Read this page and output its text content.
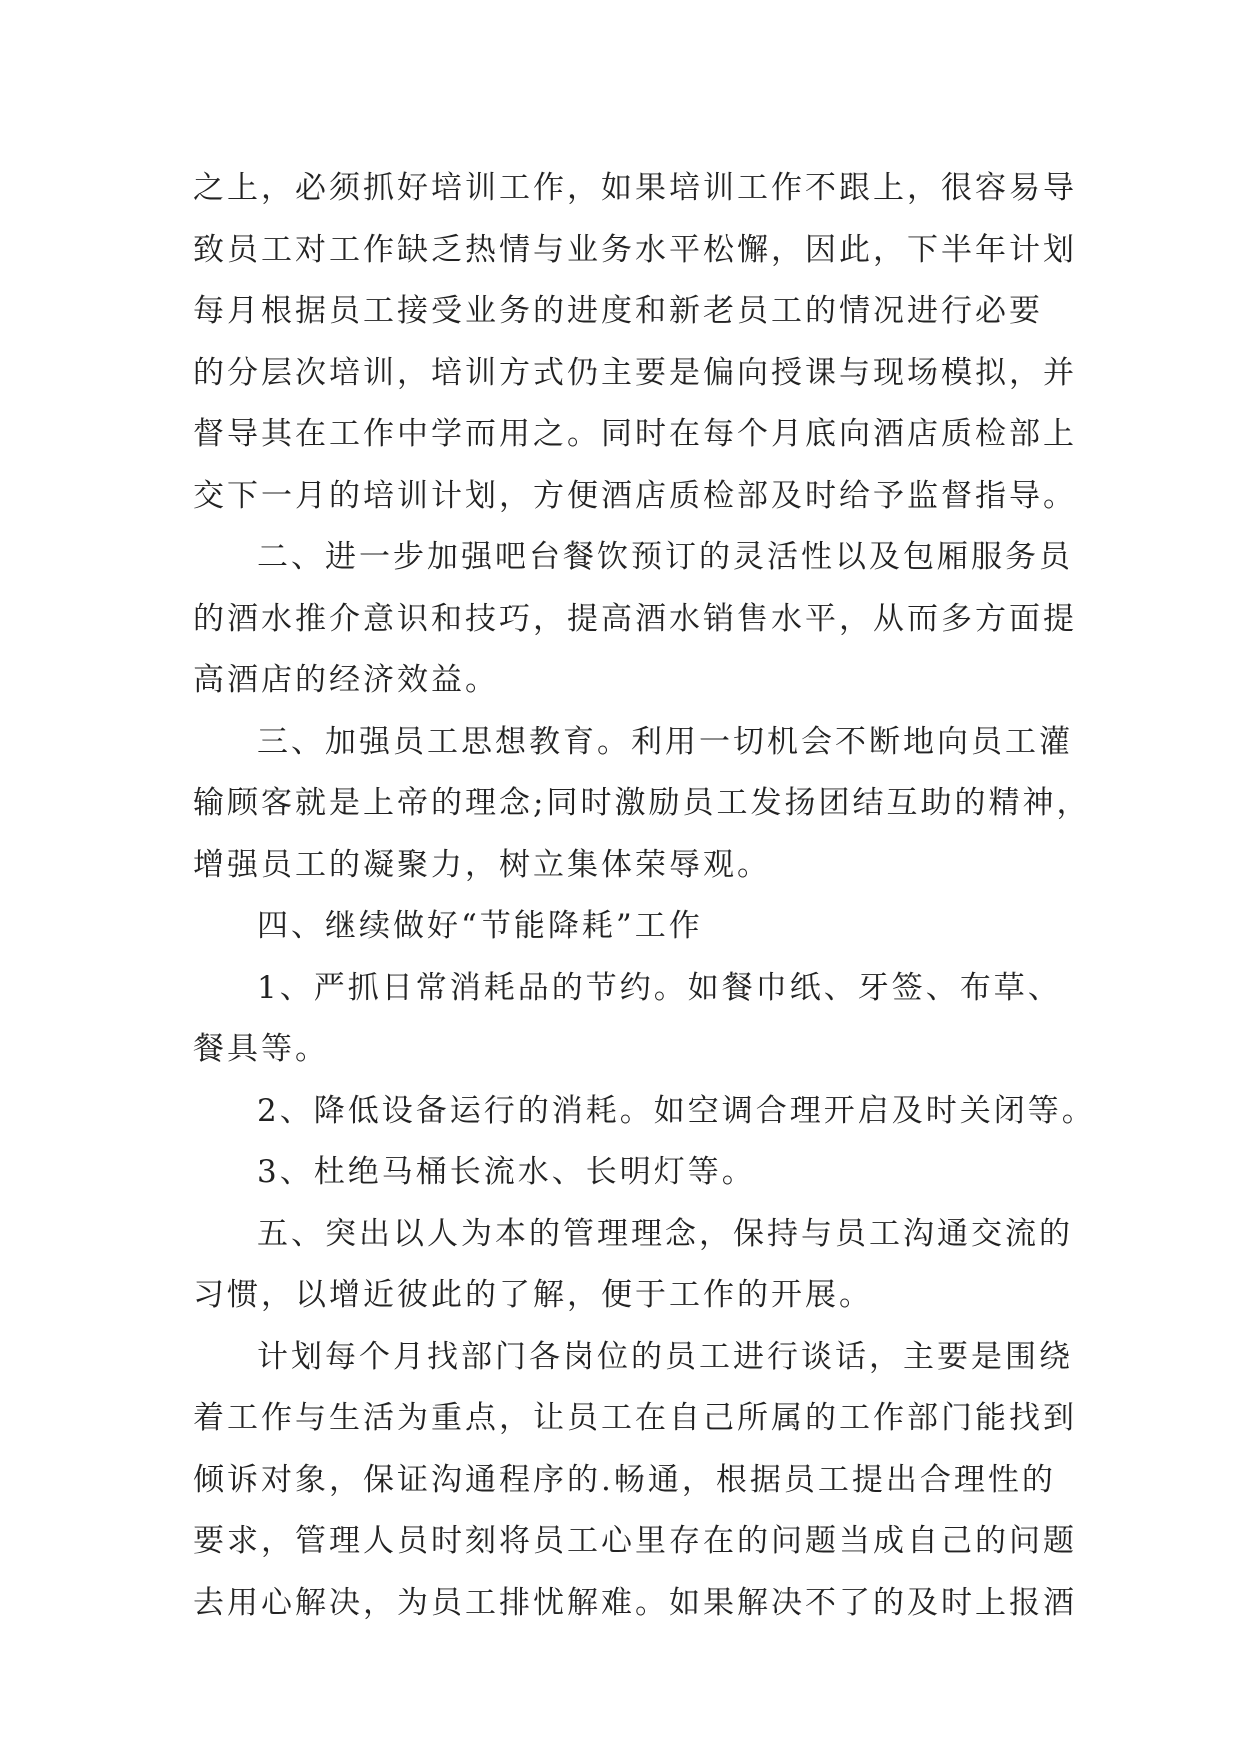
之上，必须抓好培训工作，如果培训工作不跟上，很容易导
致员工对工作缺乏热情与业务水平松懈，因此，下半年计划
每月根据员工接受业务的进度和新老员工的情况进行必要
的分层次培训，培训方式仍主要是偏向授课与现场模拟，并
督导其在工作中学而用之。同时在每个月底向酒店质检部上
交下一月的培训计划，方便酒店质检部及时给予监督指导。
二、进一步加强吧台餐饮预订的灵活性以及包厢服务员
的酒水推介意识和技巧，提高酒水销售水平，从而多方面提
高酒店的经济效益。
三、加强员工思想教育。利用一切机会不断地向员工灌
输顾客就是上帝的理念;同时激励员工发扬团结互助的精神，
增强员工的凝聚力，树立集体荣辱观。
四、继续做好“节能降耗”工作
1、严抓日常消耗品的节约。如餐巾纸、牙签、布草、
餐具等。
2、降低设备运行的消耗。如空调合理开启及时关闭等。
3、杜绝马桶长流水、长明灯等。
五、突出以人为本的管理理念，保持与员工沟通交流的
习惯，以增近彼此的了解，便于工作的开展。
计划每个月找部门各岗位的员工进行谈话，主要是围绕
着工作与生活为重点，让员工在自己所属的工作部门能找到
倾诉对象，保证沟通程序的.畅通，根据员工提出合理性的
要求，管理人员时刻将员工心里存在的问题当成自己的问题
去用心解决，为员工排忧解难。如果解决不了的及时上报酒
